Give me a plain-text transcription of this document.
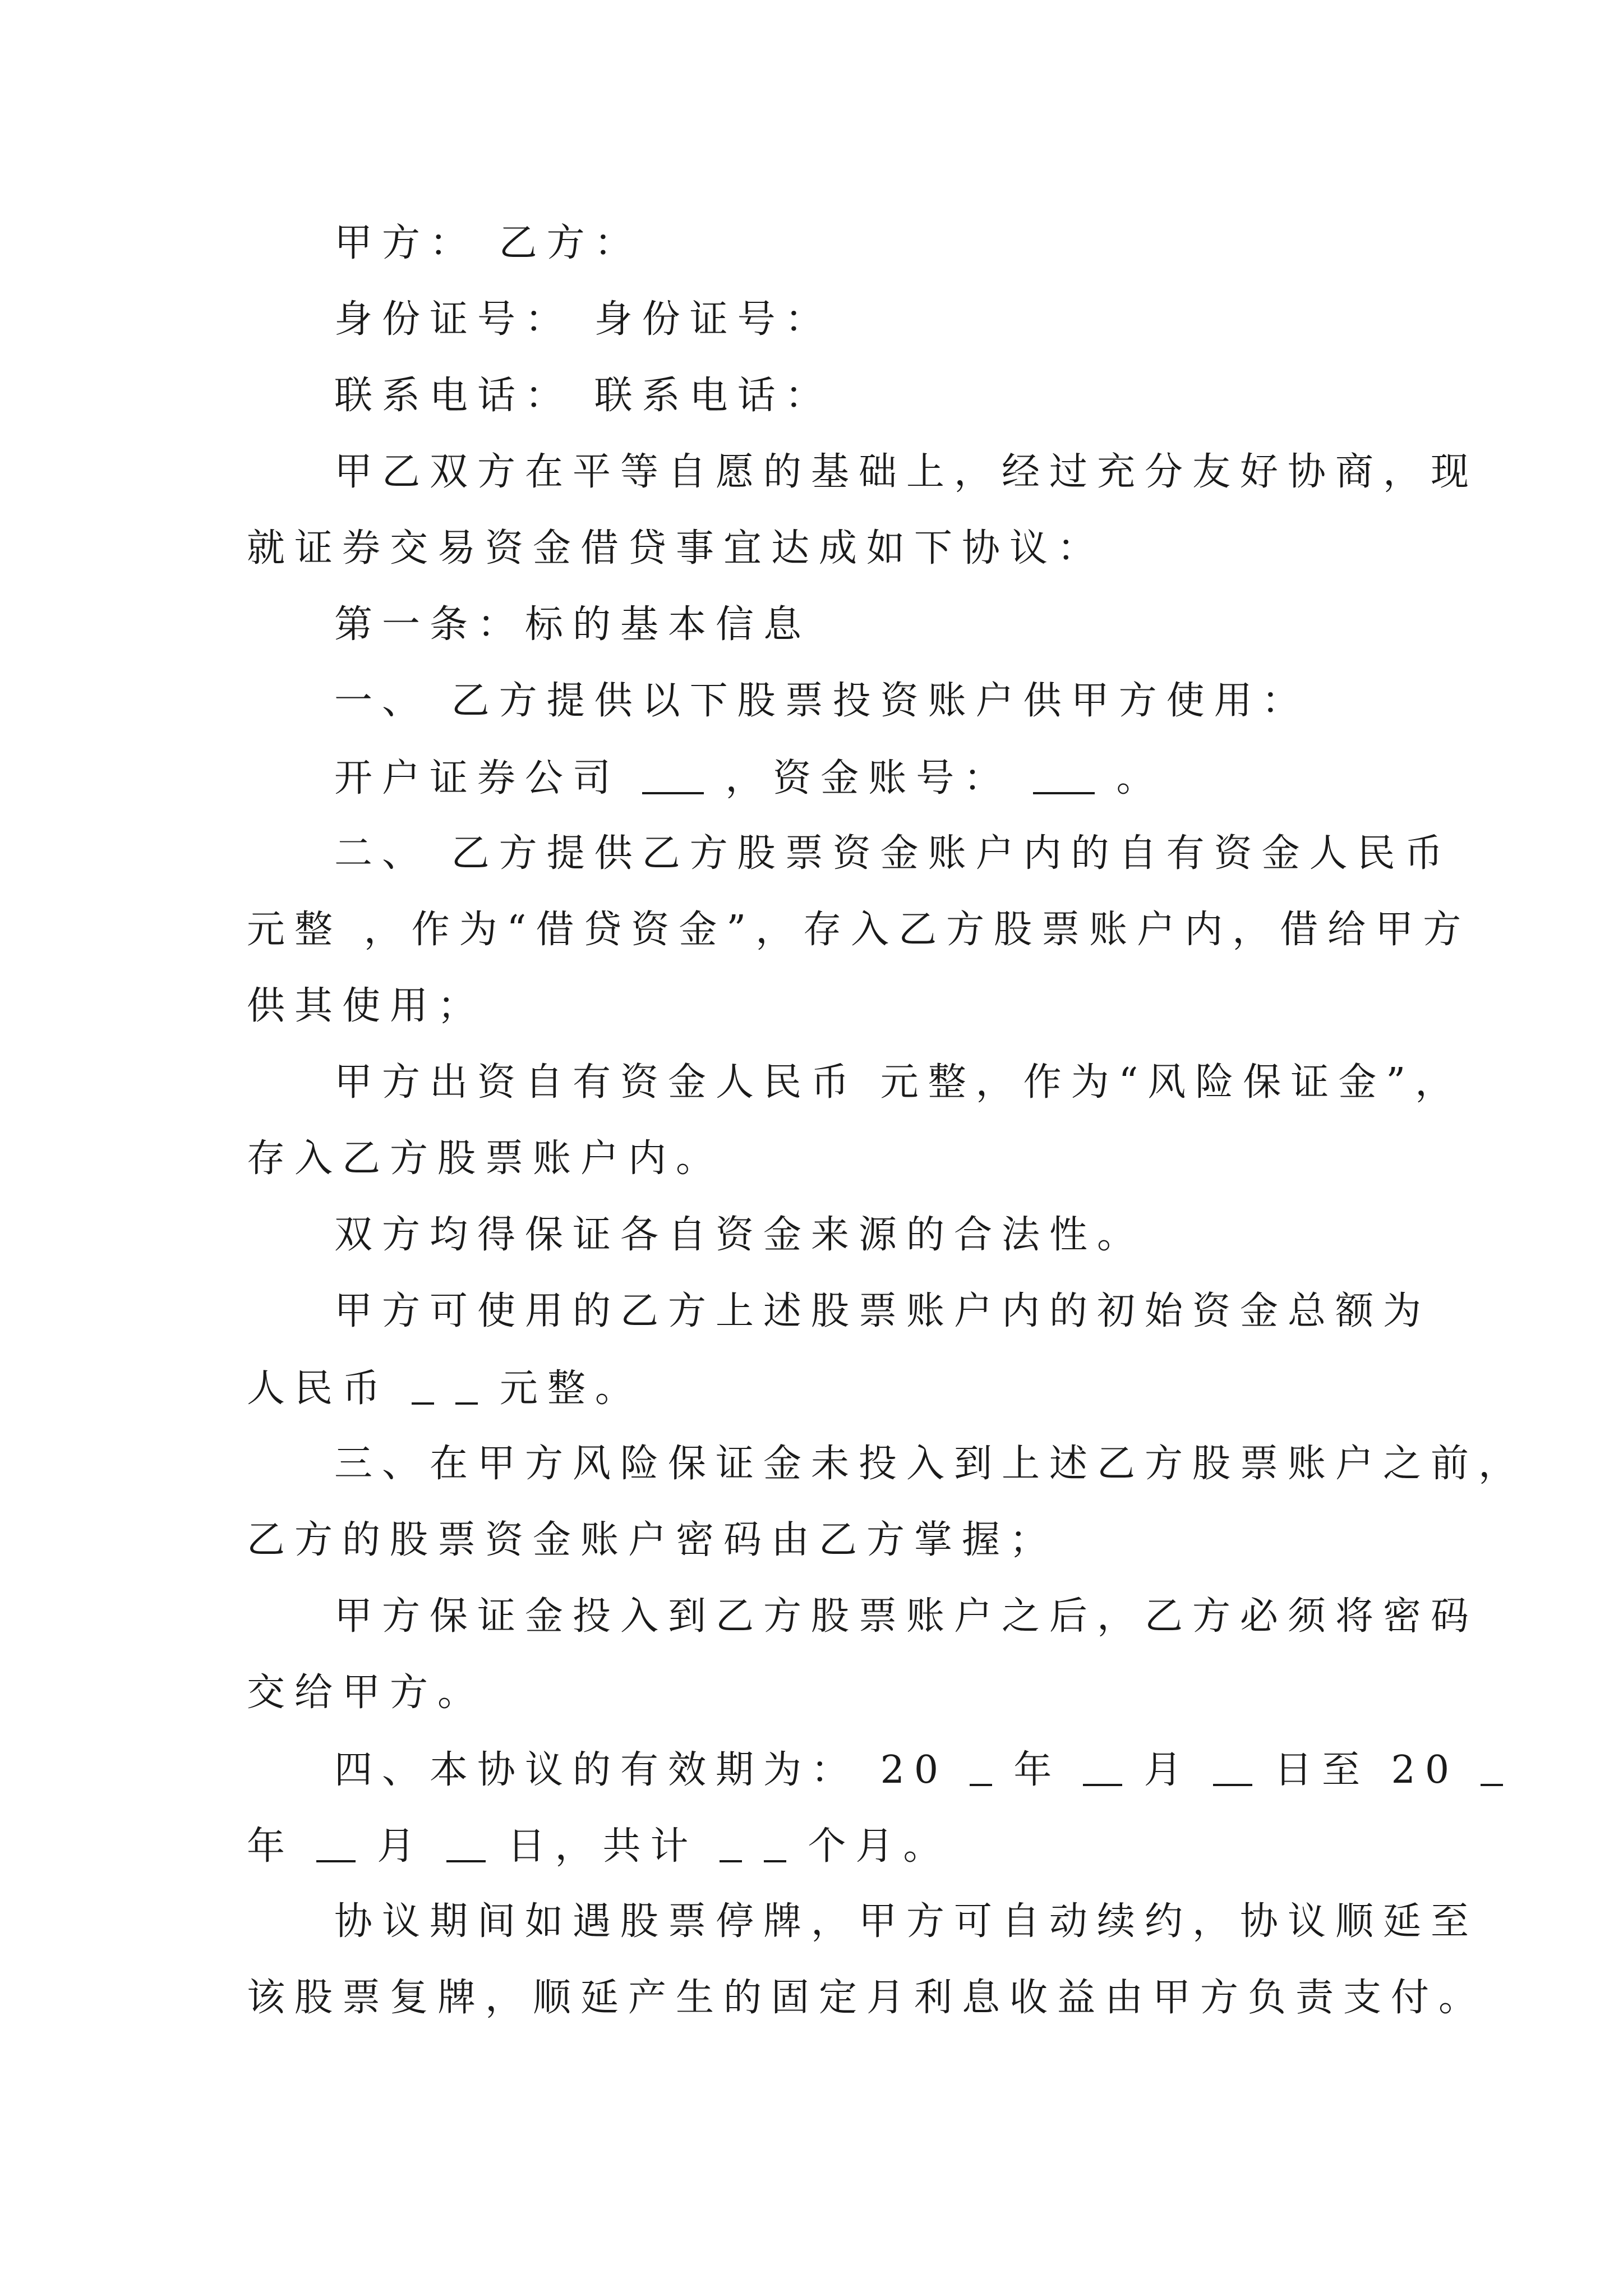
甲方： 乙方：
身份证号： 身份证号：
联系电话： 联系电话：
甲乙双方在平等自愿的基础上，经过充分友好协商，现
就证券交易资金借贷事宜达成如下协议：
第一条：标的基本信息
一、 乙方提供以下股票投资账户供甲方使用：
开户证券公司	，资金账号：	。
二、 乙方提供乙方股票资金账户内的自有资金人民币
元整 ，作为“借贷资金”，存入乙方股票账户内，借给甲方
供其使用；
甲方出资自有资金人民币 元整，作为“风险保证金”，
存入乙方股票账户内。
双方均得保证各自资金来源的合法性。
甲方可使用的乙方上述股票账户内的初始资金总额为
人民币	元整。
三、在甲方风险保证金未投入到上述乙方股票账户之前，
乙方的股票资金账户密码由乙方掌握；
甲方保证金投入到乙方股票账户之后，乙方必须将密码
交给甲方。
四、本协议的有效期为： 20 年 月 日至 20
年 月 日，共计	个月。
协议期间如遇股票停牌，甲方可自动续约，协议顺延至
该股票复牌，顺延产生的固定月利息收益由甲方负责支付。
